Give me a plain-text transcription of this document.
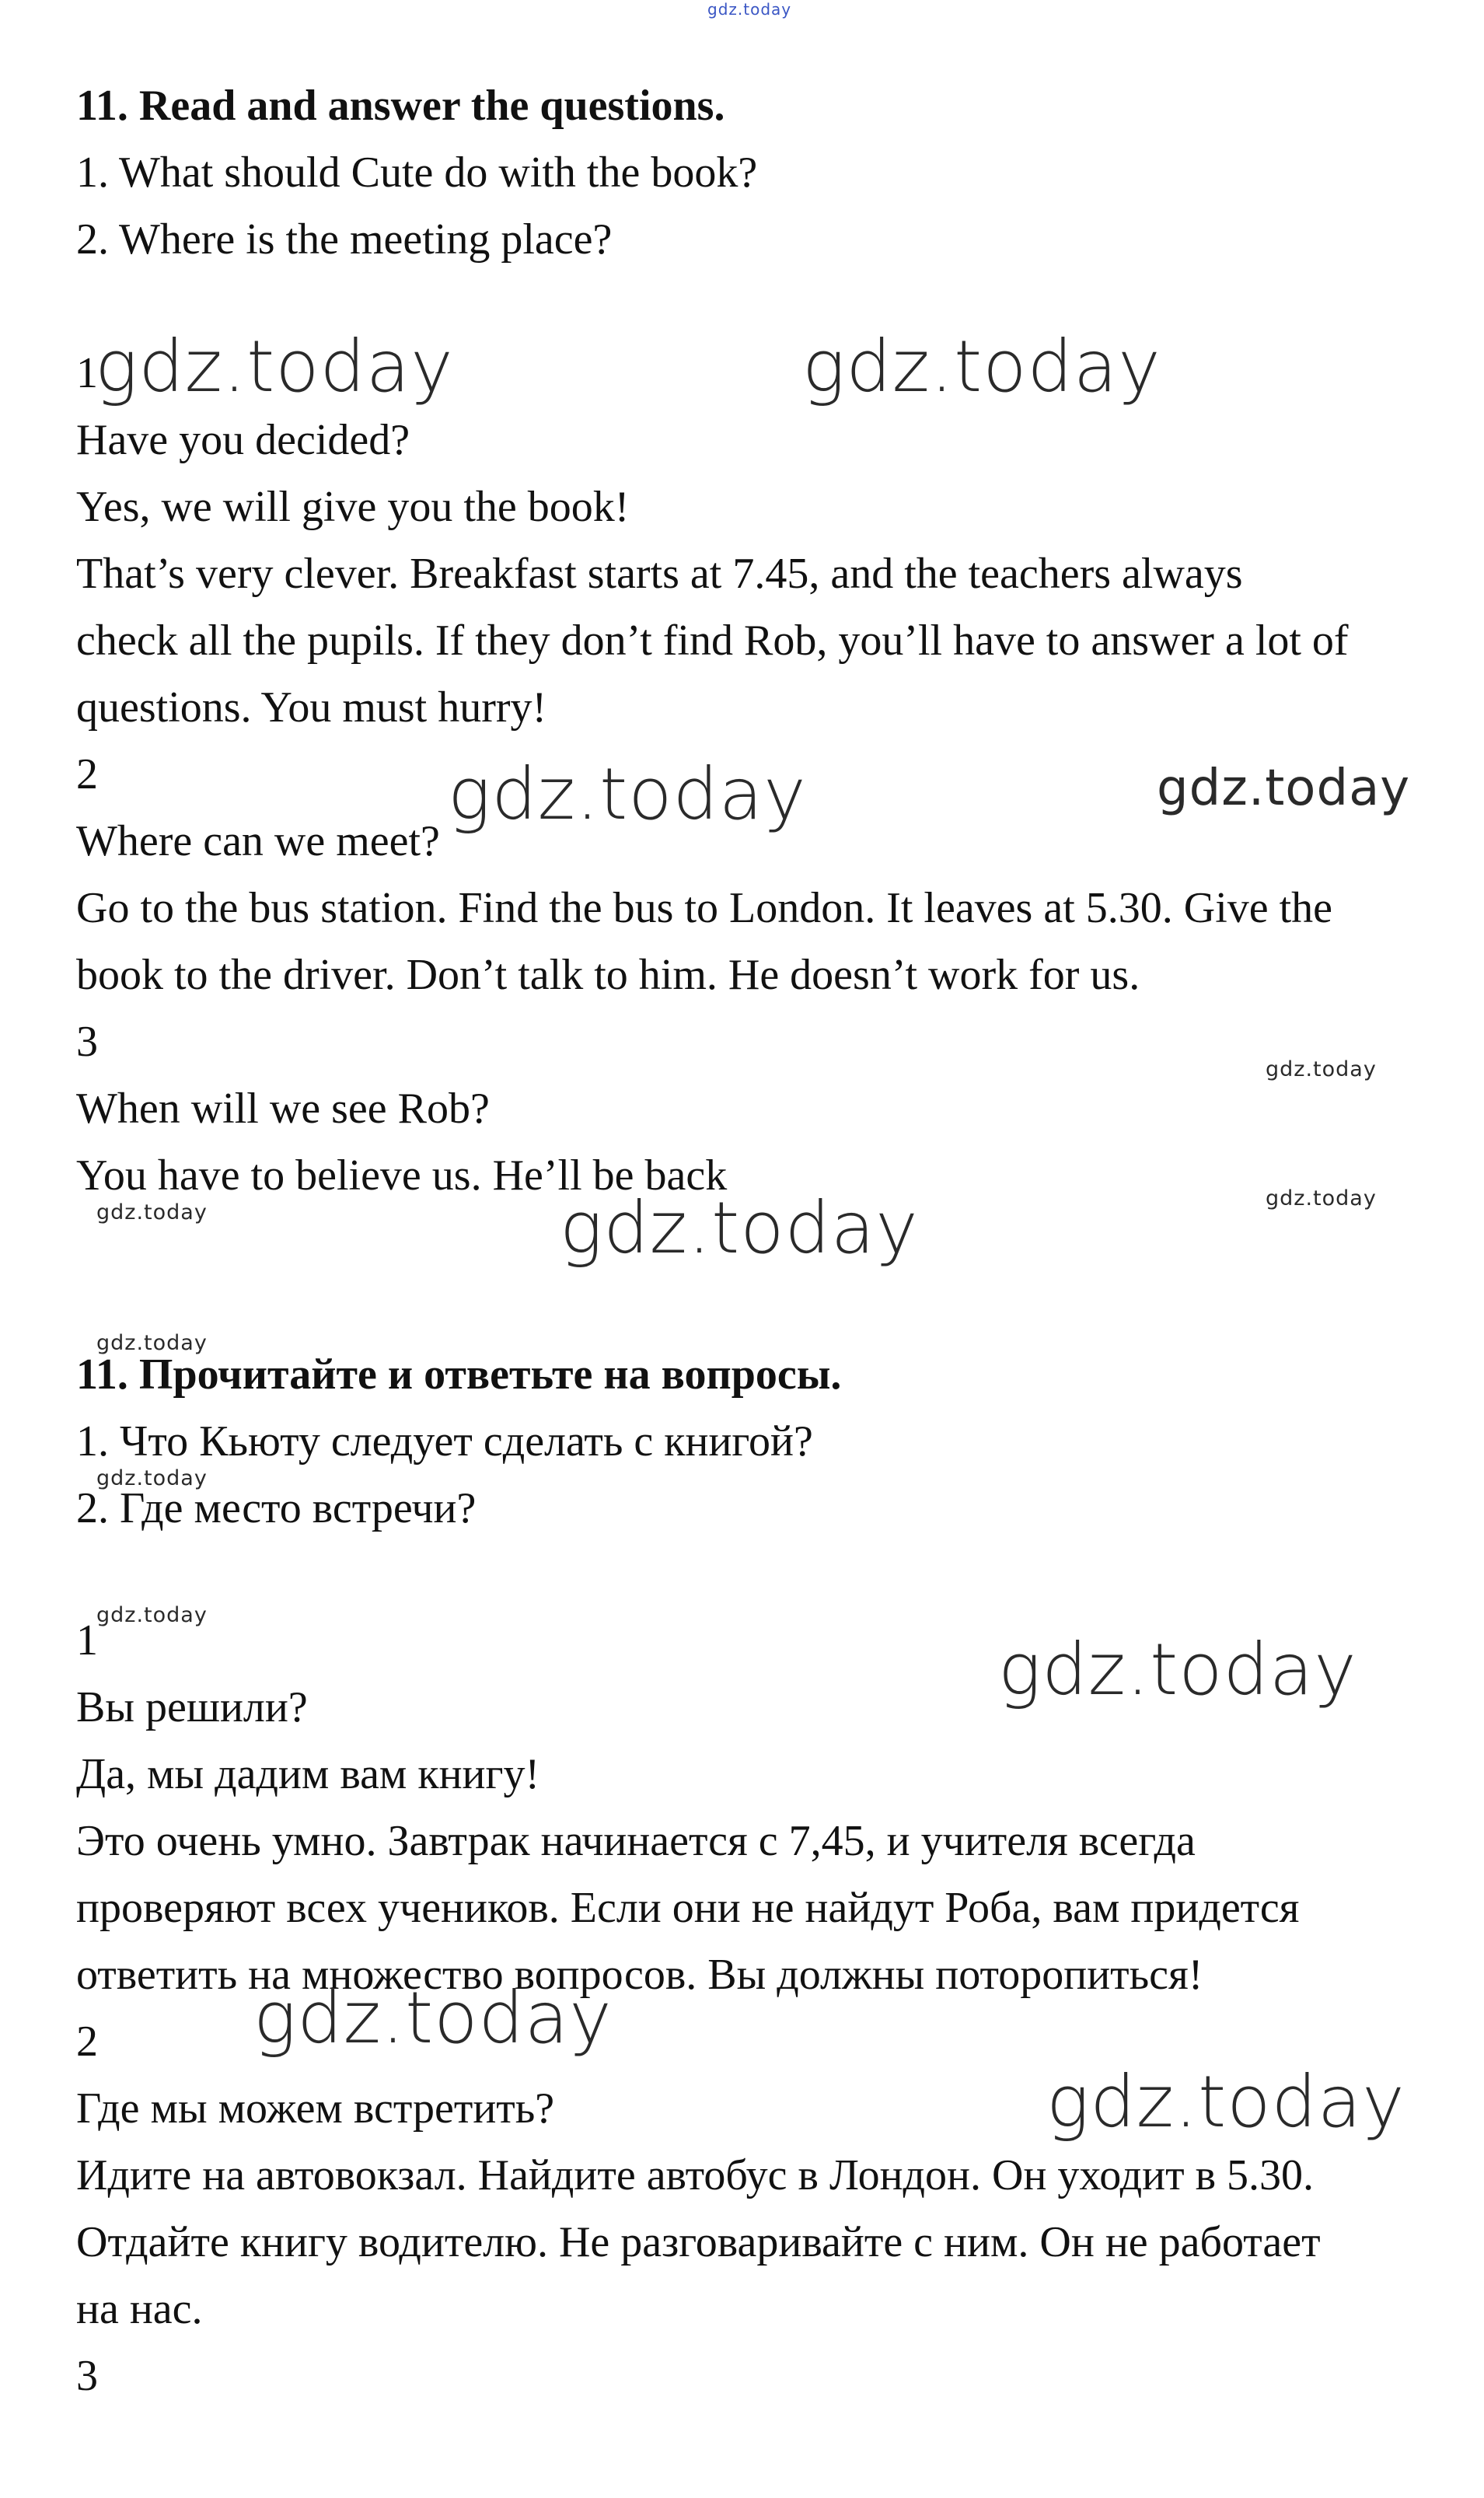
gdz.today

11. Read and answer the questions.

1. What should Cute do with the book?

2. Where is the meeting place?

1

Have you decided?

Yes, we will give you the book!

That’s very clever. Breakfast starts at 7.45, and the teachers always

check all the pupils. If they don’t find Rob, you’ll have to answer a lot of

questions. You must hurry!

2

Where can we meet?

Go to the bus station. Find the bus to London. It leaves at 5.30. Give the

book to the driver. Don’t talk to him. He doesn’t work for us.

3

When will we see Rob?

You have to believe us. He’ll be back

11. Прочитайте и ответьте на вопросы.

1. Что Кьюту следует сделать с книгой?

2. Где место встречи?

1

Вы решили?

Да, мы дадим вам книгу!

Это очень умно. Завтрак начинается с 7,45, и учителя всегда

проверяют всех учеников. Если они не найдут Роба, вам придется

ответить на множество вопросов. Вы должны поторопиться!

2

Где мы можем встретить?

Идите на автовокзал. Найдите автобус в Лондон. Он уходит в 5.30.

Отдайте книгу водителю. Не разговаривайте с ним. Он не работает

на нас.

3

gdz.today	gdz.today
gdz.today	gdz.today
gdz.today
gdz.today
gdz.today
gdz.today
gdz.today
gdz.today
gdz.today
gdz.today
gdz.today
gdz.today
